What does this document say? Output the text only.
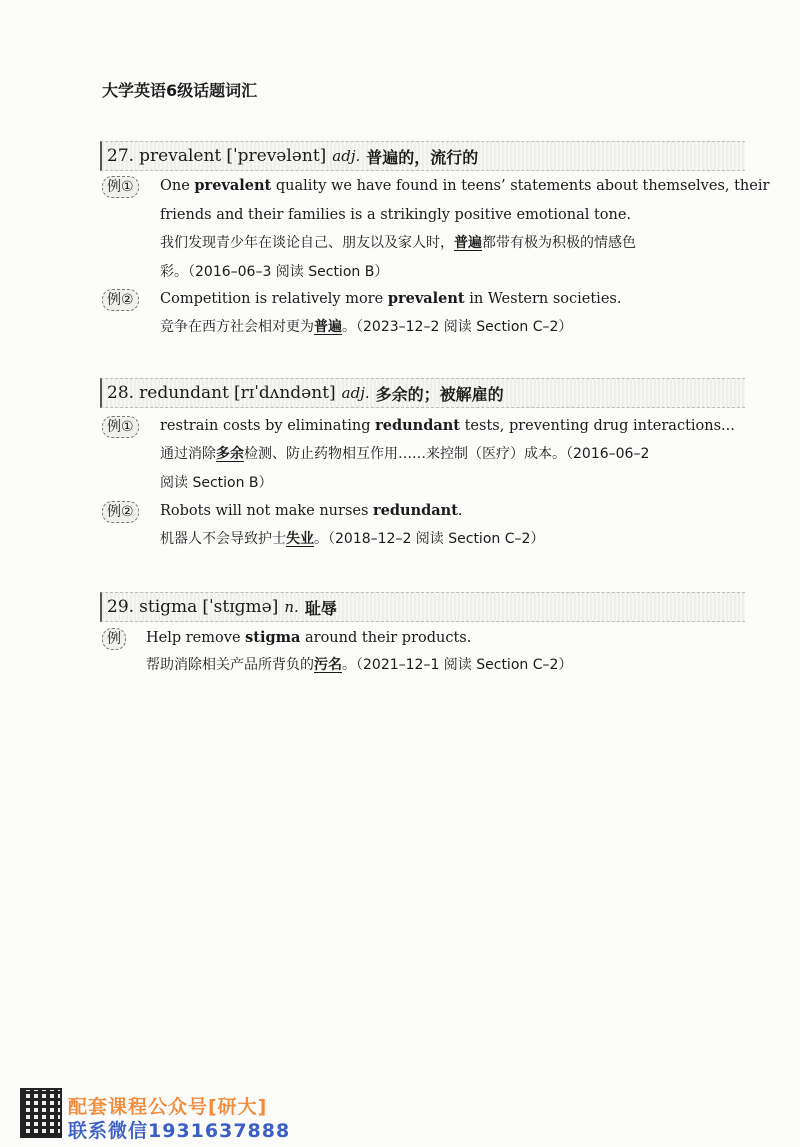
大学英语6级话题词汇
27.
prevalent
[ˈprevələnt] adj. 普遍的，流行的
例①	One prevalent quality we have found in teens’ statements about themselves, their
friends and their families is a strikingly positive emotional tone.
我们发现青少年在谈论自己、朋友以及家人时，普遍都带有极为积极的情感色
彩。（2016–06–3 阅读 Section B）
例②	Competition is relatively more prevalent in Western societies.
竞争在西方社会相对更为普遍。（2023–12–2 阅读 Section C–2）
28.
redundant
[rɪˈdʌndənt] adj. 多余的；被解雇的
例①	restrain costs by eliminating redundant tests, preventing drug interactions...
通过消除多余检测、防止药物相互作用……来控制（医疗）成本。（2016–06–2
阅读 Section B）
例②	Robots will not make nurses redundant.
机器人不会导致护士失业。（2018–12–2 阅读 Section C–2）
29.
stigma
[ˈstɪɡmə] n. 耻辱
例	Help remove stigma around their products.
帮助消除相关产品所背负的污名。（2021–12–1 阅读 Section C–2）
配套课程公众号[研大]
联系微信1931637888
